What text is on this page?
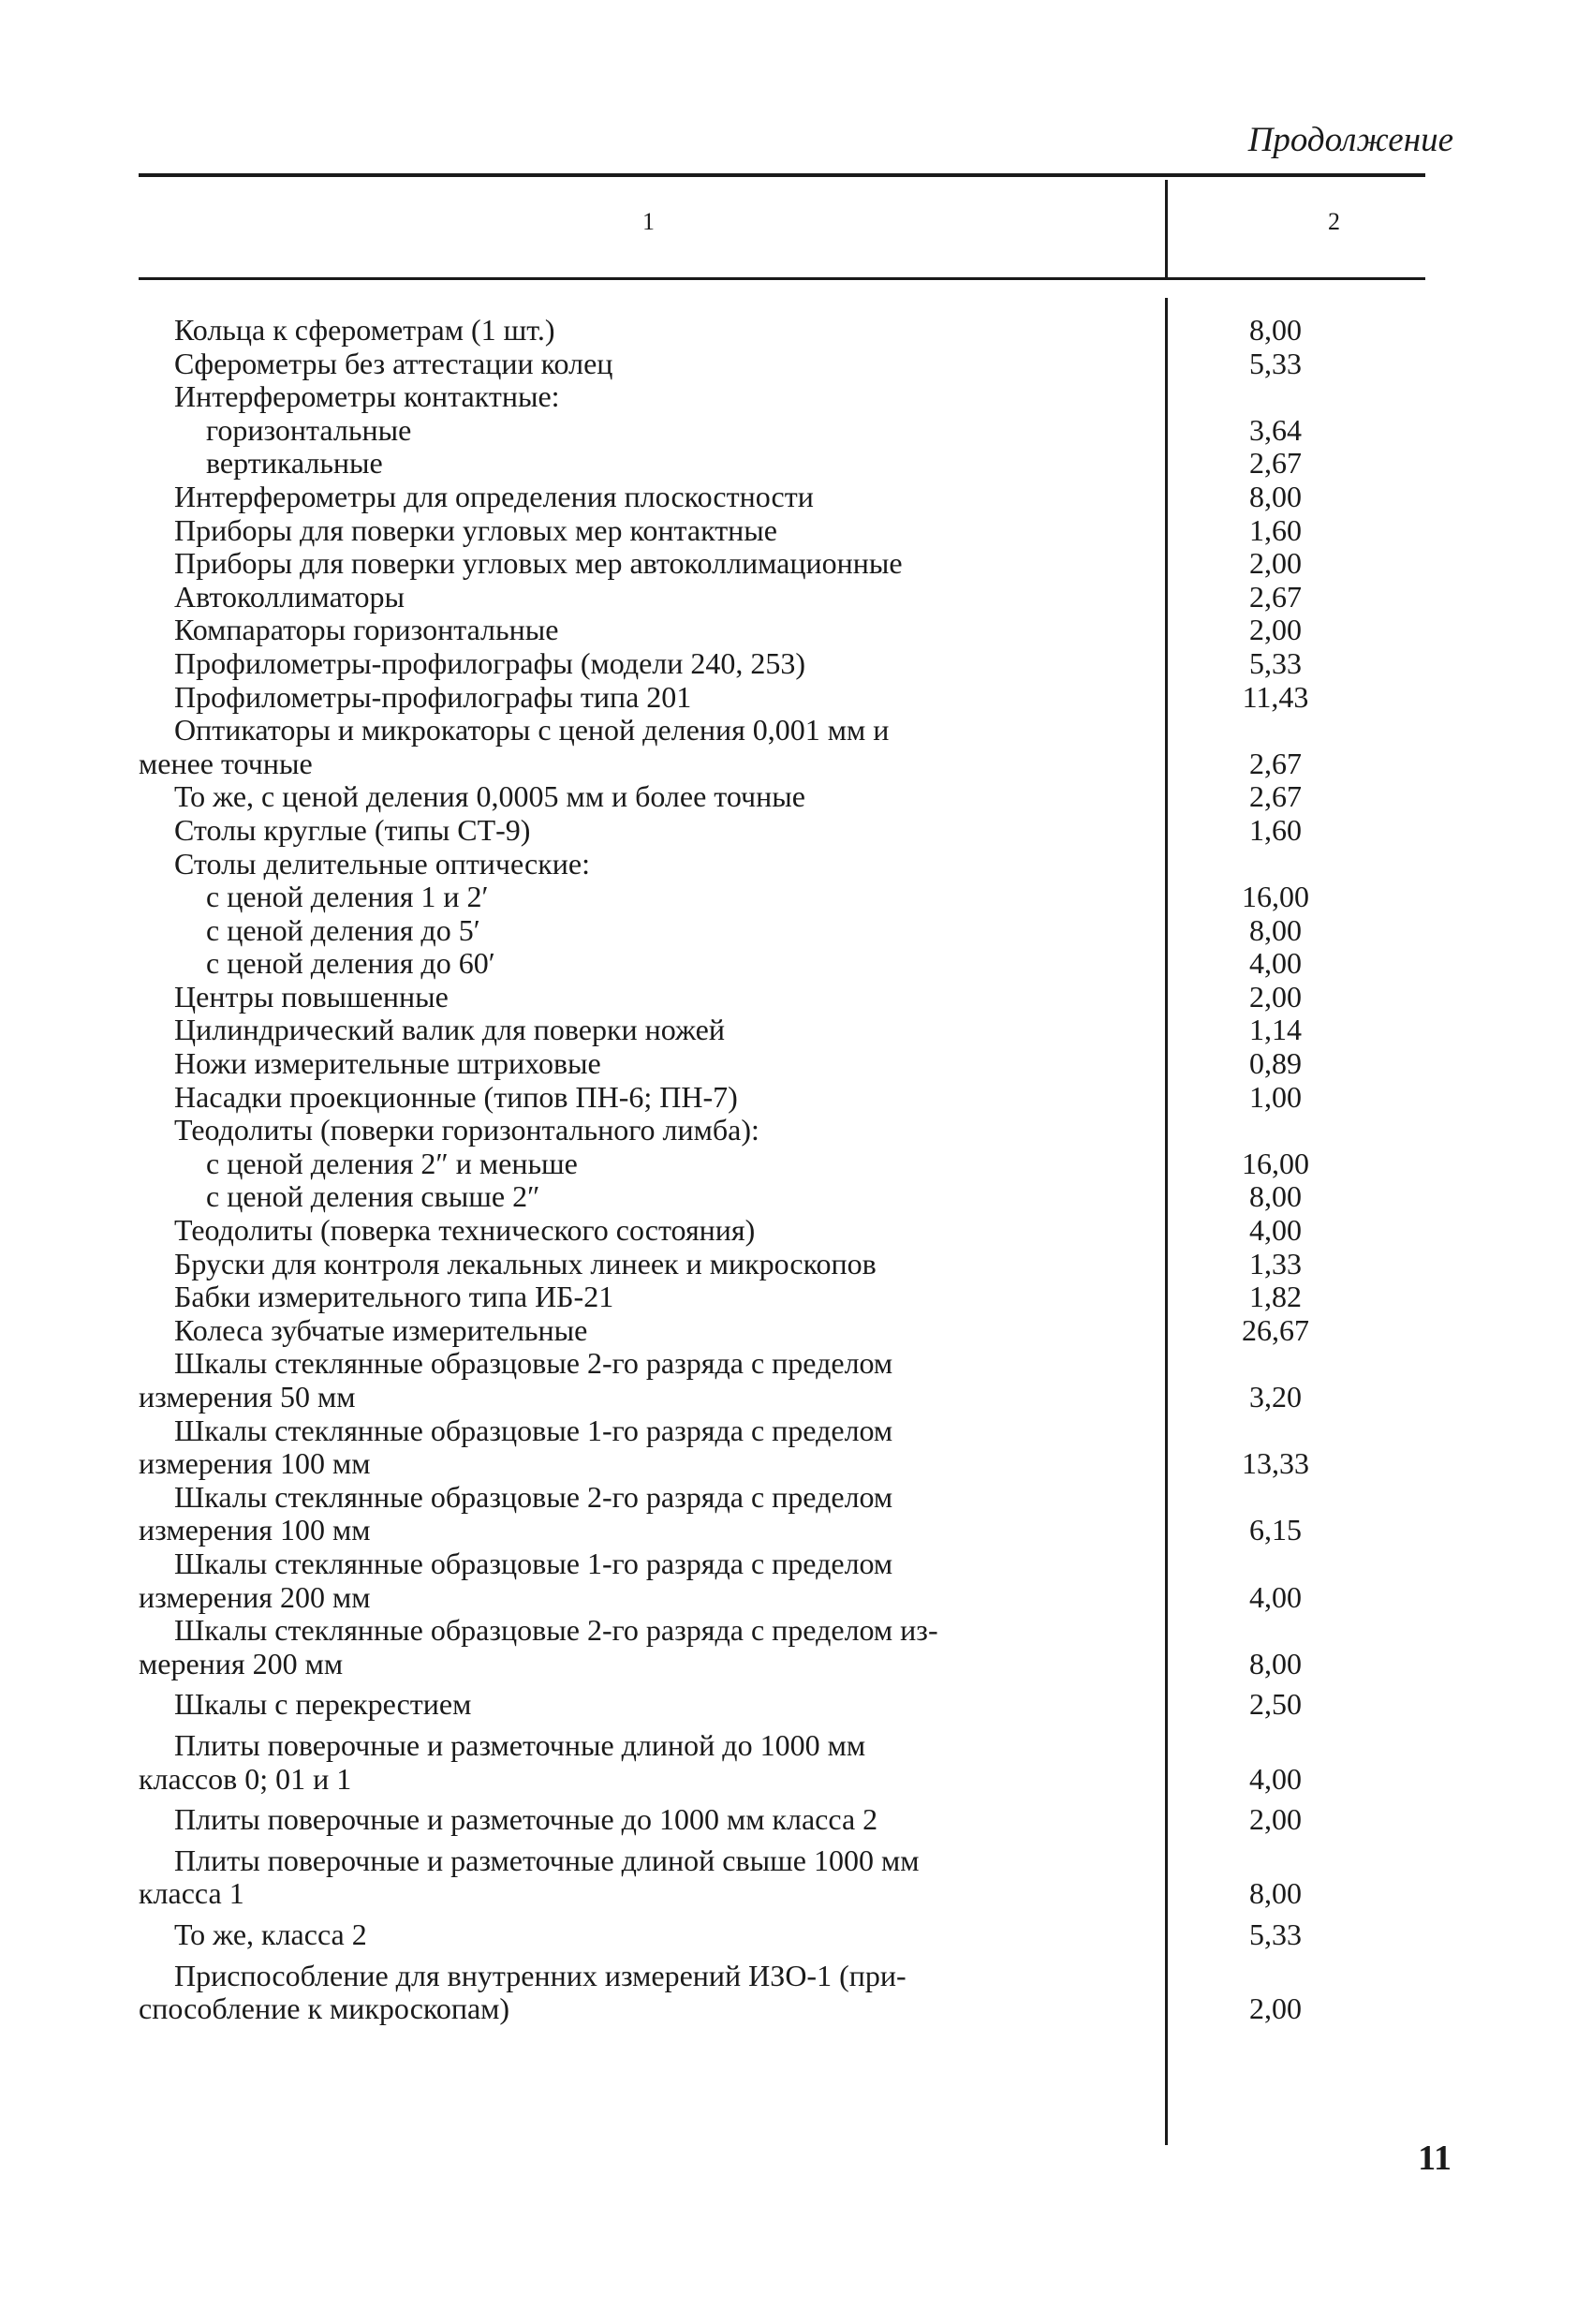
Продолжение
1	2
Кольца к сферометрам (1 шт.)	8,00
Сферометры без аттестации колец	5,33
Интерферометры контактные:
горизонтальные	3,64
вертикальные	2,67
Интерферометры для определения плоскостности	8,00
Приборы для поверки угловых мер контактные	1,60
Приборы для поверки угловых мер автоколлимационные	2,00
Автоколлиматоры	2,67
Компараторы горизонтальные	2,00
Профилометры-профилографы (модели 240, 253)	5,33
Профилометры-профилографы типа 201	11,43
Оптикаторы и микрокаторы с ценой деления 0,001 мм и
менее точные	2,67
То же, с ценой деления 0,0005 мм и более точные	2,67
Столы круглые (типы СТ-9)	1,60
Столы делительные оптические:
с ценой деления 1 и 2′	16,00
с ценой деления до 5′	8,00
с ценой деления до 60′	4,00
Центры повышенные	2,00
Цилиндрический валик для поверки ножей	1,14
Ножи измерительные штриховые	0,89
Насадки проекционные (типов ПН-6; ПН-7)	1,00
Теодолиты (поверки горизонтального лимба):
с ценой деления 2″ и меньше	16,00
с ценой деления свыше 2″	8,00
Теодолиты (поверка технического состояния)	4,00
Бруски для контроля лекальных линеек и микроскопов	1,33
Бабки измерительного типа ИБ-21	1,82
Колеса зубчатые измерительные	26,67
Шкалы стеклянные образцовые 2-го разряда с пределом
измерения 50 мм	3,20
Шкалы стеклянные образцовые 1-го разряда с пределом
измерения 100 мм	13,33
Шкалы стеклянные образцовые 2-го разряда с пределом
измерения 100 мм	6,15
Шкалы стеклянные образцовые 1-го разряда с пределом
измерения 200 мм	4,00
Шкалы стеклянные образцовые 2-го разряда с пределом из-
мерения 200 мм	8,00
Шкалы с перекрестием	2,50
Плиты поверочные и разметочные длиной до 1000 мм
классов 0; 01 и 1	4,00
Плиты поверочные и разметочные до 1000 мм класса 2	2,00
Плиты поверочные и разметочные длиной свыше 1000 мм
класса 1	8,00
То же, класса 2	5,33
Приспособление для внутренних измерений ИЗО-1 (при-
способление к микроскопам)	2,00
11
